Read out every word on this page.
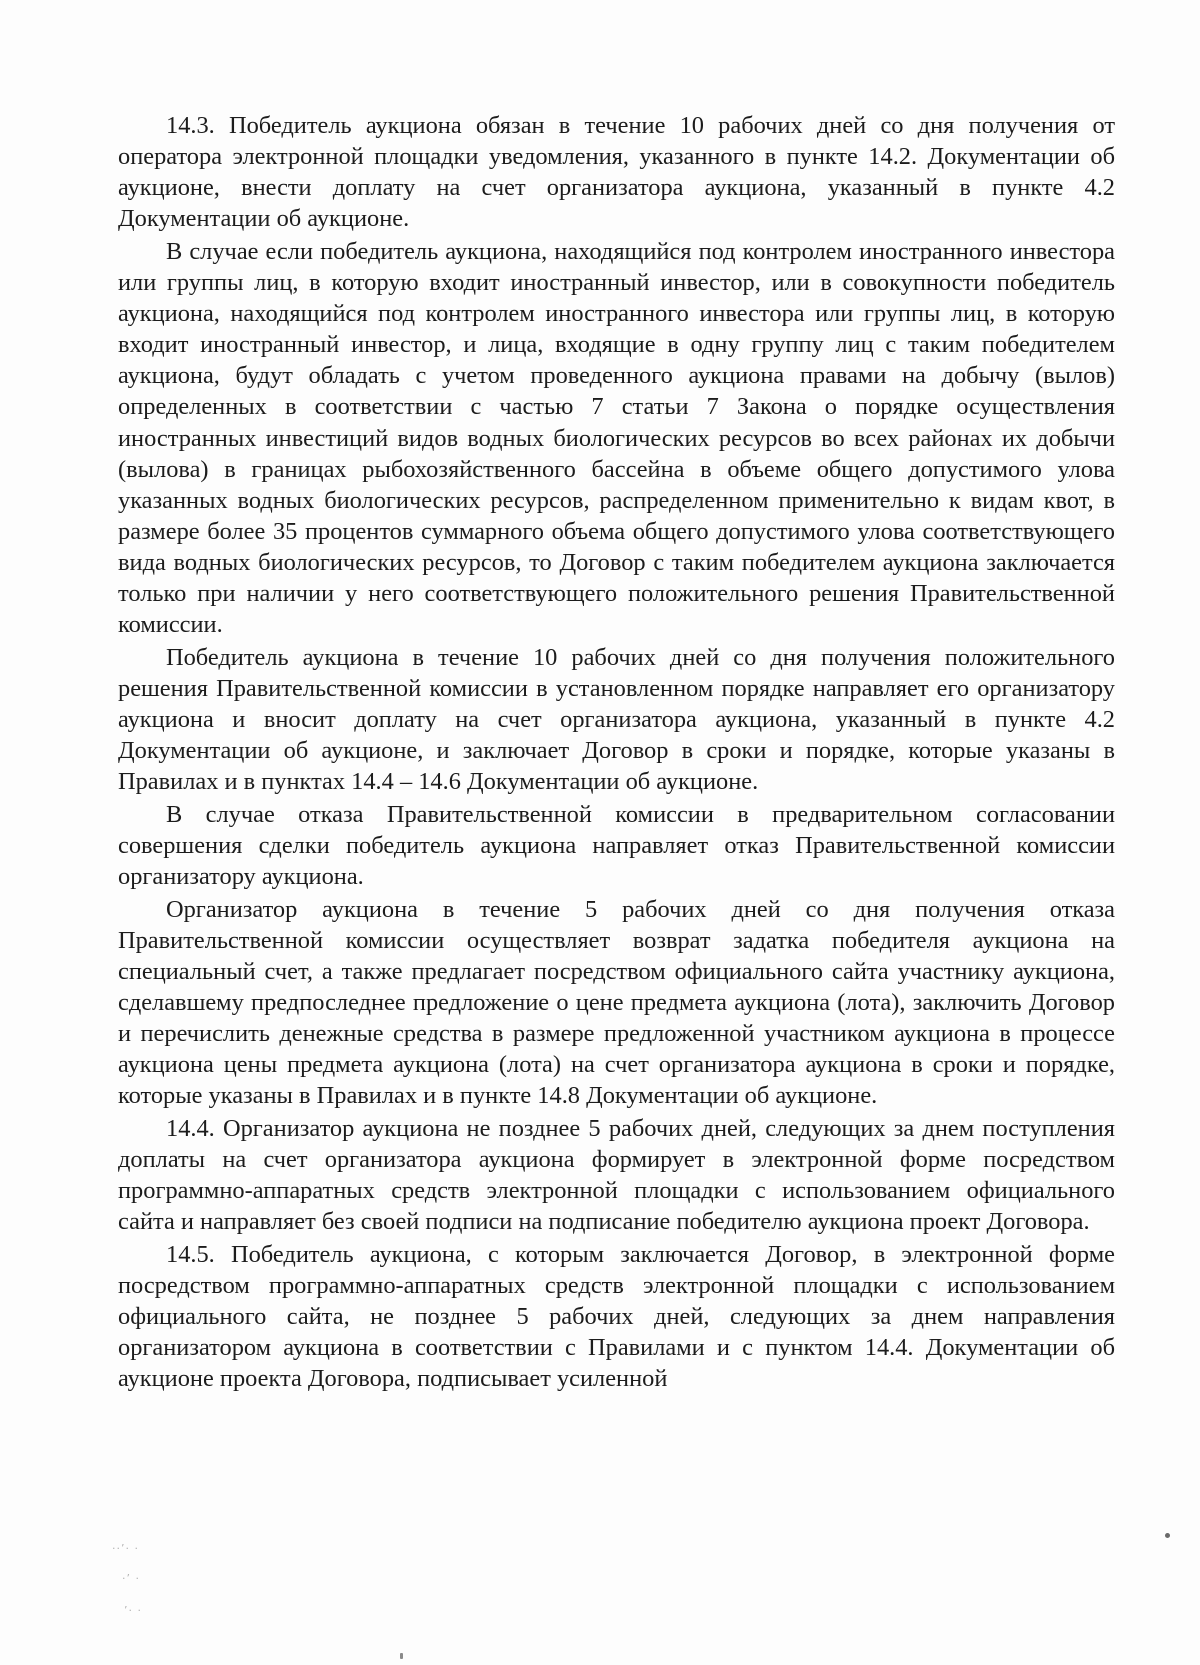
14.3. Победитель аукциона обязан в течение 10 рабочих дней со дня получения от оператора электронной площадки уведомления, указанного в пункте 14.2. Документации об аукционе, внести доплату на счет организатора аукциона, указанный в пункте 4.2 Документации об аукционе.

В случае если победитель аукциона, находящийся под контролем иностранного инвестора или группы лиц, в которую входит иностранный инвестор, или в совокупности победитель аукциона, находящийся под контролем иностранного инвестора или группы лиц, в которую входит иностранный инвестор, и лица, входящие в одну группу лиц с таким победителем аукциона, будут обладать с учетом проведенного аукциона правами на добычу (вылов) определенных в соответствии с частью 7 статьи 7 Закона о порядке осуществления иностранных инвестиций видов водных биологических ресурсов во всех районах их добычи (вылова) в границах рыбохозяйственного бассейна в объеме общего допустимого улова указанных водных биологических ресурсов, распределенном применительно к видам квот, в размере более 35 процентов суммарного объема общего допустимого улова соответствующего вида водных биологических ресурсов, то Договор с таким победителем аукциона заключается только при наличии у него соответствующего положительного решения Правительственной комиссии.

Победитель аукциона в течение 10 рабочих дней со дня получения положительного решения Правительственной комиссии в установленном порядке направляет его организатору аукциона и вносит доплату на счет организатора аукциона, указанный в пункте 4.2 Документации об аукционе, и заключает Договор в сроки и порядке, которые указаны в Правилах и в пунктах 14.4 – 14.6 Документации об аукционе.

В случае отказа Правительственной комиссии в предварительном согласовании совершения сделки победитель аукциона направляет отказ Правительственной комиссии организатору аукциона.

Организатор аукциона в течение 5 рабочих дней со дня получения отказа Правительственной комиссии осуществляет возврат задатка победителя аукциона на специальный счет, а также предлагает посредством официального сайта участнику аукциона, сделавшему предпоследнее предложение о цене предмета аукциона (лота), заключить Договор и перечислить денежные средства в размере предложенной участником аукциона в процессе аукциона цены предмета аукциона (лота) на счет организатора аукциона в сроки и порядке, которые указаны в Правилах и в пункте 14.8 Документации об аукционе.

14.4. Организатор аукциона не позднее 5 рабочих дней, следующих за днем поступления доплаты на счет организатора аукциона формирует в электронной форме посредством программно-аппаратных средств электронной площадки с использованием официального сайта и направляет без своей подписи на подписание победителю аукциона проект Договора.

14.5. Победитель аукциона, с которым заключается Договор, в электронной форме посредством программно-аппаратных средств электронной площадки с использованием официального сайта, не позднее 5 рабочих дней, следующих за днем направления организатором аукциона в соответствии с Правилами и с пунктом 14.4. Документации об аукционе проекта Договора, подписывает усиленной

··’· ·
·’ ·
’· ·
